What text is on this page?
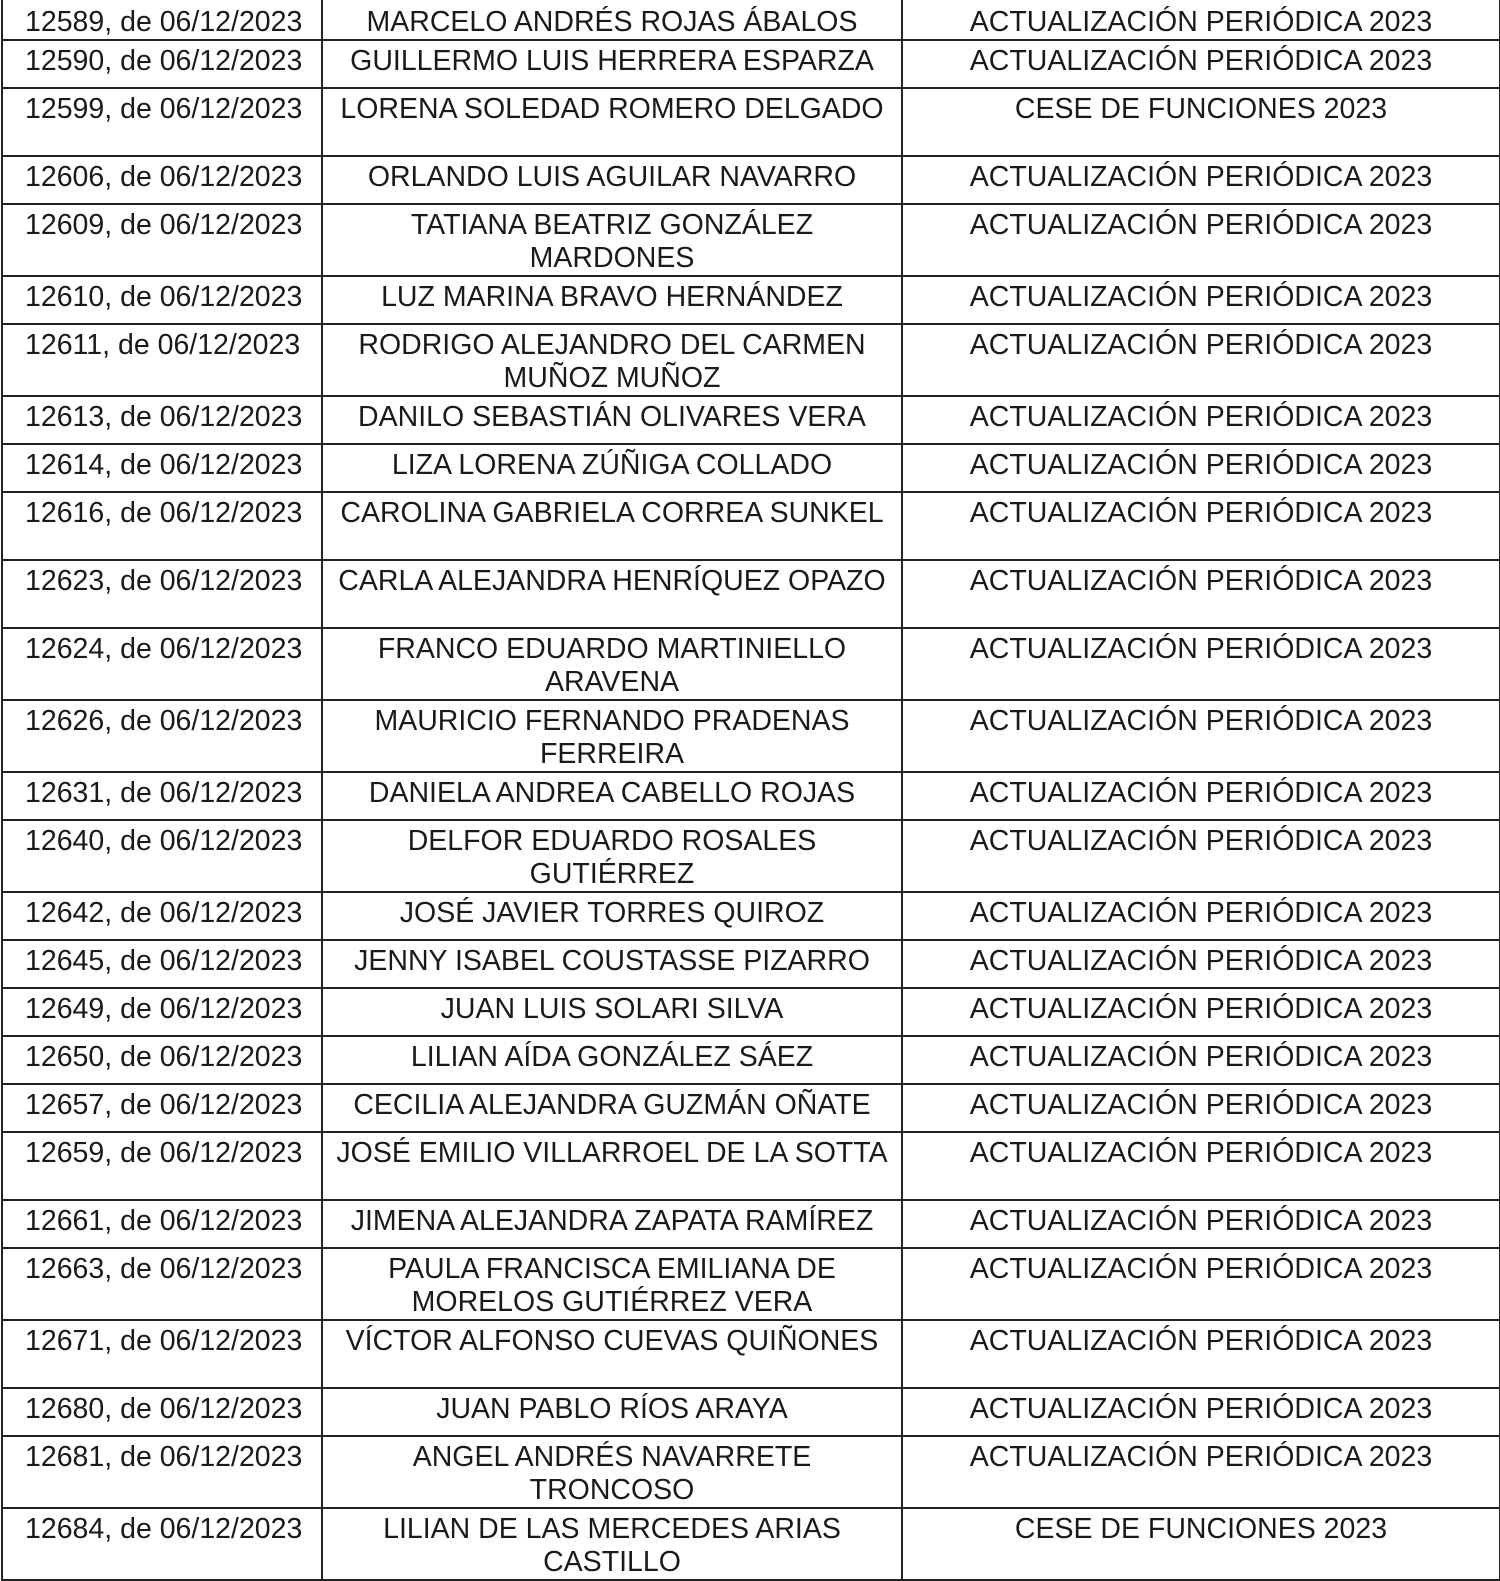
12589, de 06/12/2023	MARCELO ANDRÉS ROJAS ÁBALOS	ACTUALIZACIÓN PERIÓDICA 2023
12590, de 06/12/2023	GUILLERMO LUIS HERRERA ESPARZA	ACTUALIZACIÓN PERIÓDICA 2023
12599, de 06/12/2023	LORENA SOLEDAD ROMERO DELGADO	CESE DE FUNCIONES 2023
12606, de 06/12/2023	ORLANDO LUIS AGUILAR NAVARRO	ACTUALIZACIÓN PERIÓDICA 2023
12609, de 06/12/2023	TATIANA BEATRIZ GONZÁLEZ MARDONES	ACTUALIZACIÓN PERIÓDICA 2023
12610, de 06/12/2023	LUZ MARINA BRAVO HERNÁNDEZ	ACTUALIZACIÓN PERIÓDICA 2023
12611, de 06/12/2023	RODRIGO ALEJANDRO DEL CARMEN MUÑOZ MUÑOZ	ACTUALIZACIÓN PERIÓDICA 2023
12613, de 06/12/2023	DANILO SEBASTIÁN OLIVARES VERA	ACTUALIZACIÓN PERIÓDICA 2023
12614, de 06/12/2023	LIZA LORENA ZÚÑIGA COLLADO	ACTUALIZACIÓN PERIÓDICA 2023
12616, de 06/12/2023	CAROLINA GABRIELA CORREA SUNKEL	ACTUALIZACIÓN PERIÓDICA 2023
12623, de 06/12/2023	CARLA ALEJANDRA HENRÍQUEZ OPAZO	ACTUALIZACIÓN PERIÓDICA 2023
12624, de 06/12/2023	FRANCO EDUARDO MARTINIELLO ARAVENA	ACTUALIZACIÓN PERIÓDICA 2023
12626, de 06/12/2023	MAURICIO FERNANDO PRADENAS FERREIRA	ACTUALIZACIÓN PERIÓDICA 2023
12631, de 06/12/2023	DANIELA ANDREA CABELLO ROJAS	ACTUALIZACIÓN PERIÓDICA 2023
12640, de 06/12/2023	DELFOR EDUARDO ROSALES GUTIÉRREZ	ACTUALIZACIÓN PERIÓDICA 2023
12642, de 06/12/2023	JOSÉ JAVIER TORRES QUIROZ	ACTUALIZACIÓN PERIÓDICA 2023
12645, de 06/12/2023	JENNY ISABEL COUSTASSE PIZARRO	ACTUALIZACIÓN PERIÓDICA 2023
12649, de 06/12/2023	JUAN LUIS SOLARI SILVA	ACTUALIZACIÓN PERIÓDICA 2023
12650, de 06/12/2023	LILIAN AÍDA GONZÁLEZ SÁEZ	ACTUALIZACIÓN PERIÓDICA 2023
12657, de 06/12/2023	CECILIA ALEJANDRA GUZMÁN OÑATE	ACTUALIZACIÓN PERIÓDICA 2023
12659, de 06/12/2023	JOSÉ EMILIO VILLARROEL DE LA SOTTA	ACTUALIZACIÓN PERIÓDICA 2023
12661, de 06/12/2023	JIMENA ALEJANDRA ZAPATA RAMÍREZ	ACTUALIZACIÓN PERIÓDICA 2023
12663, de 06/12/2023	PAULA FRANCISCA EMILIANA DE MORELOS GUTIÉRREZ VERA	ACTUALIZACIÓN PERIÓDICA 2023
12671, de 06/12/2023	VÍCTOR ALFONSO CUEVAS QUIÑONES	ACTUALIZACIÓN PERIÓDICA 2023
12680, de 06/12/2023	JUAN PABLO RÍOS ARAYA	ACTUALIZACIÓN PERIÓDICA 2023
12681, de 06/12/2023	ANGEL ANDRÉS NAVARRETE TRONCOSO	ACTUALIZACIÓN PERIÓDICA 2023
12684, de 06/12/2023	LILIAN DE LAS MERCEDES ARIAS CASTILLO	CESE DE FUNCIONES 2023
